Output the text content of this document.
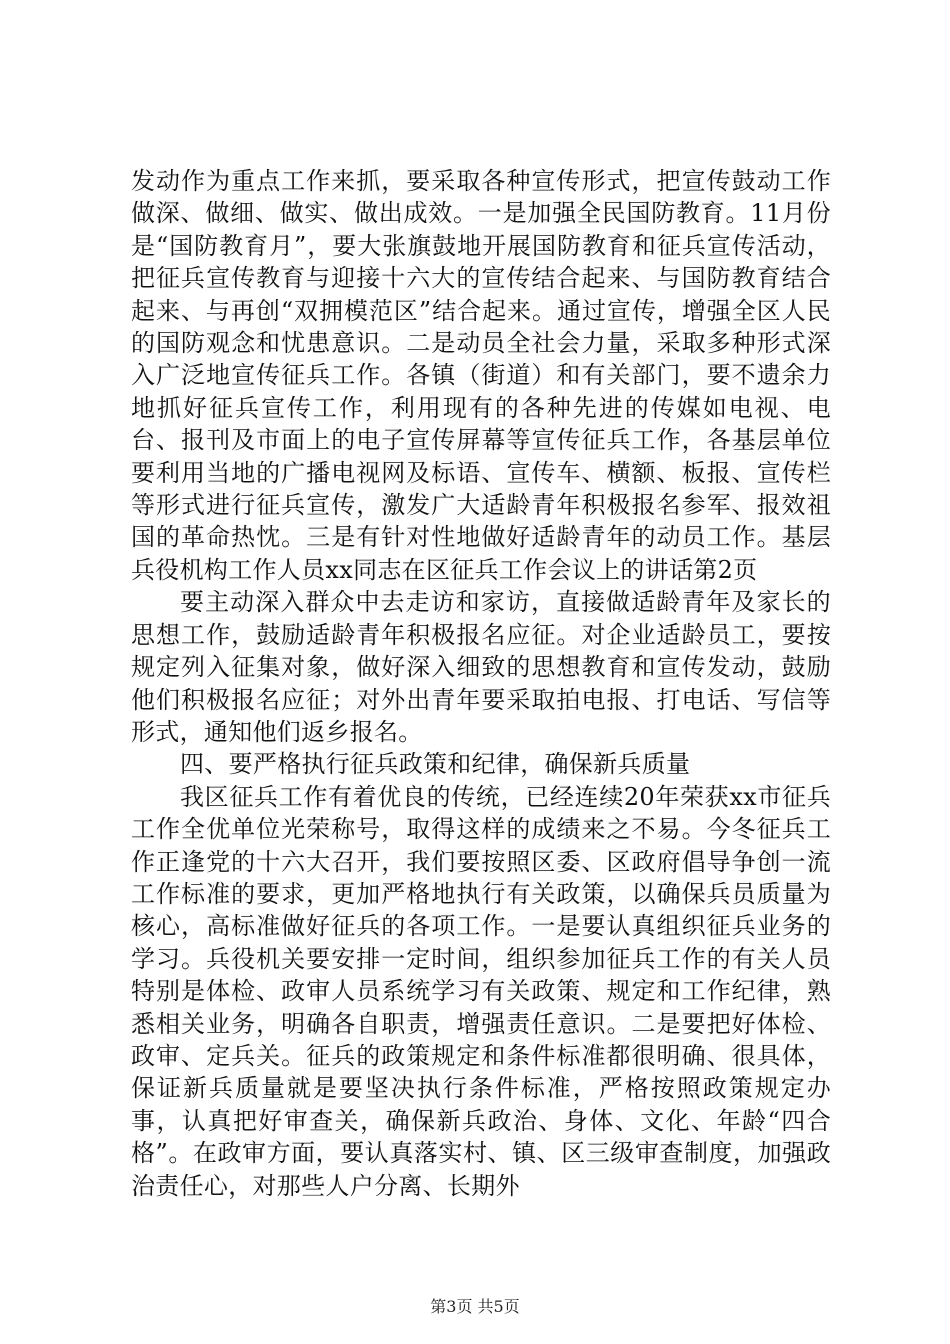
发动作为重点工作来抓，要采取各种宣传形式，把宣传鼓动工作做深、做细、做实、做出成效。一是加强全民国防教育。11月份是“国防教育月”，要大张旗鼓地开展国防教育和征兵宣传活动，把征兵宣传教育与迎接十六大的宣传结合起来、与国防教育结合起来、与再创“双拥模范区”结合起来。通过宣传，增强全区人民的国防观念和忧患意识。二是动员全社会力量，采取多种形式深入广泛地宣传征兵工作。各镇（街道）和有关部门，要不遗余力地抓好征兵宣传工作，利用现有的各种先进的传媒如电视、电台、报刊及市面上的电子宣传屏幕等宣传征兵工作，各基层单位要利用当地的广播电视网及标语、宣传车、横额、板报、宣传栏等形式进行征兵宣传，激发广大适龄青年积极报名参军、报效祖国的革命热忱。三是有针对性地做好适龄青年的动员工作。基层兵役机构工作人员xx同志在区征兵工作会议上的讲话第2页

要主动深入群众中去走访和家访，直接做适龄青年及家长的思想工作，鼓励适龄青年积极报名应征。对企业适龄员工，要按规定列入征集对象，做好深入细致的思想教育和宣传发动，鼓励他们积极报名应征；对外出青年要采取拍电报、打电话、写信等形式，通知他们返乡报名。

四、要严格执行征兵政策和纪律，确保新兵质量

我区征兵工作有着优良的传统，已经连续20年荣获xx市征兵工作全优单位光荣称号，取得这样的成绩来之不易。今冬征兵工作正逢党的十六大召开，我们要按照区委、区政府倡导争创一流工作标准的要求，更加严格地执行有关政策，以确保兵员质量为核心，高标准做好征兵的各项工作。一是要认真组织征兵业务的学习。兵役机关要安排一定时间，组织参加征兵工作的有关人员特别是体检、政审人员系统学习有关政策、规定和工作纪律，熟悉相关业务，明确各自职责，增强责任意识。二是要把好体检、政审、定兵关。征兵的政策规定和条件标准都很明确、很具体，保证新兵质量就是要坚决执行条件标准，严格按照政策规定办事，认真把好审查关，确保新兵政治、身体、文化、年龄“四合格”。在政审方面，要认真落实村、镇、区三级审查制度，加强政治责任心，对那些人户分离、长期外

第3页 共5页
